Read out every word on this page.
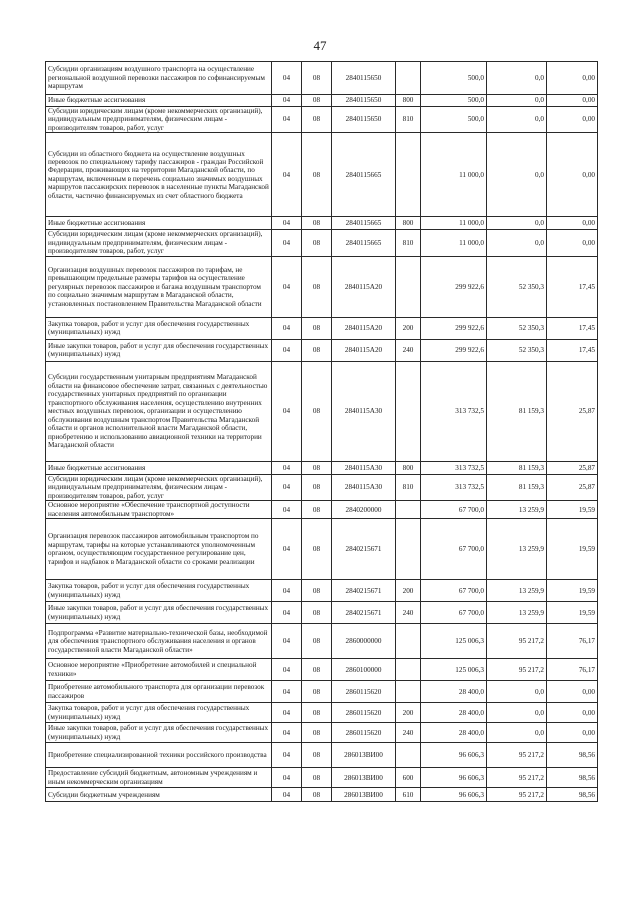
47
Субсидии организациям воздушного транспорта на осуществление региональной воздушной перевозки пассажиров по софинансируемым маршрутам	04	08	2840115650		500,0	0,0	0,00
Иные бюджетные ассигнования	04	08	2840115650	800	500,0	0,0	0,00
Субсидии юридическим лицам (кроме некоммерческих организаций), индивидуальным предпринимателям, физическим лицам - производителям товаров, работ, услуг	04	08	2840115650	810	500,0	0,0	0,00
Субсидии из областного бюджета на осуществление воздушных перевозок по специальному тарифу пассажиров - граждан Российской Федерации, проживающих на территории Магаданской области, по маршрутам, включенным в перечень социально значимых воздушных маршрутов пассажирских перевозок в населенные пункты Магаданской области, частично финансируемых из счет областного бюджета	04	08	2840115665		11 000,0	0,0	0,00
Иные бюджетные ассигнования	04	08	2840115665	800	11 000,0	0,0	0,00
Субсидии юридическим лицам (кроме некоммерческих организаций), индивидуальным предпринимателям, физическим лицам - производителям товаров, работ, услуг	04	08	2840115665	810	11 000,0	0,0	0,00
Организация воздушных перевозок пассажиров по тарифам, не превышающим предельные размеры тарифов на осуществление регулярных перевозок пассажиров и багажа воздушным транспортом по социально значимым маршрутам в Магаданской области, установленных постановлением Правительства Магаданской области	04	08	2840115A20		299 922,6	52 350,3	17,45
Закупка товаров, работ и услуг для обеспечения государственных (муниципальных) нужд	04	08	2840115A20	200	299 922,6	52 350,3	17,45
Иные закупки товаров, работ и услуг для обеспечения государственных (муниципальных) нужд	04	08	2840115A20	240	299 922,6	52 350,3	17,45
Субсидии государственным унитарным предприятиям Магаданской области на финансовое обеспечение затрат, связанных с деятельностью государственных унитарных предприятий по организации транспортного обслуживания населения, осуществлению внутренних местных воздушных перевозок, организации и осуществлению обслуживания воздушным транспортом Правительства Магаданской области и органов исполнительной власти Магаданской области, приобретению и использованию авиационной техники на территории Магаданской области	04	08	2840115A30		313 732,5	81 159,3	25,87
Иные бюджетные ассигнования	04	08	2840115A30	800	313 732,5	81 159,3	25,87
Субсидии юридическим лицам (кроме некоммерческих организаций), индивидуальным предпринимателям, физическим лицам - производителям товаров, работ, услуг	04	08	2840115A30	810	313 732,5	81 159,3	25,87
Основное мероприятие «Обеспечение транспортной доступности населения автомобильным транспортом»	04	08	2840200000		67 700,0	13 259,9	19,59
Организация перевозок пассажиров автомобильным транспортом по маршрутам, тарифы на которые устанавливаются уполномоченным органом, осуществляющим государственное регулирование цен, тарифов и надбавок в Магаданской области со сроками реализации	04	08	2840215671		67 700,0	13 259,9	19,59
Закупка товаров, работ и услуг для обеспечения государственных (муниципальных) нужд	04	08	2840215671	200	67 700,0	13 259,9	19,59
Иные закупки товаров, работ и услуг для обеспечения государственных (муниципальных) нужд	04	08	2840215671	240	67 700,0	13 259,9	19,59
Подпрограмма «Развитие материально-технической базы, необходимой для обеспечения транспортного обслуживания населения и органов государственной власти Магаданской области»	04	08	2860000000		125 006,3	95 217,2	76,17
Основное мероприятие «Приобретение автомобилей и специальной техники»	04	08	2860100000		125 006,3	95 217,2	76,17
Приобретение автомобильного транспорта для организации перевозок пассажиров	04	08	2860115620		28 400,0	0,0	0,00
Закупка товаров, работ и услуг для обеспечения государственных (муниципальных) нужд	04	08	2860115620	200	28 400,0	0,0	0,00
Иные закупки товаров, работ и услуг для обеспечения государственных (муниципальных) нужд	04	08	2860115620	240	28 400,0	0,0	0,00
Приобретение специализированной техники российского производства	04	08	28601ЗВИ00		96 606,3	95 217,2	98,56
Предоставление субсидий бюджетным, автономным учреждениям и иным некоммерческим организациям	04	08	28601ЗВИ00	600	96 606,3	95 217,2	98,56
Субсидии бюджетным учреждениям	04	08	28601ЗВИ00	610	96 606,3	95 217,2	98,56
